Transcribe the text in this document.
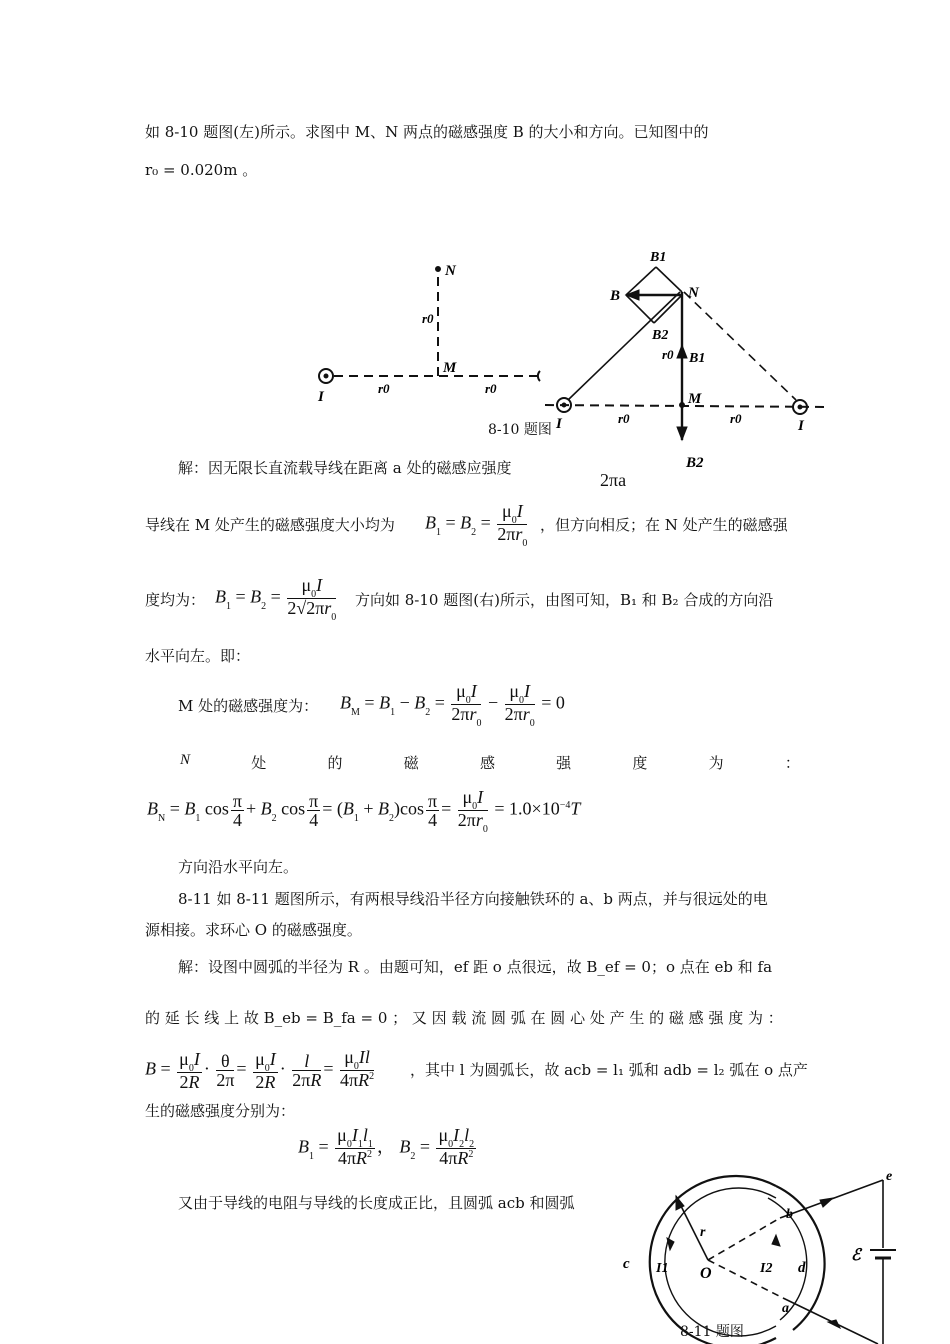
如 8-10 题图(左)所示。求图中 M、N 两点的磁感强度 B 的大小和方向。已知图中的
r₀ = 0.020m 。
N
r0
M
I
r0	r0
B1
B	N
B2
r0 B1
M
I	I
r0	r0
B2
8-10 题图
解：因无限长直流载导线在距离 a 处的磁感应强度
2πa
导线在 M 处产生的磁感强度大小均为 $B_1 = B_2 = \frac{\mu_0I}{2\pi r_0}$ ，但方向相反；在 N 处产生的磁感强
度均为： $B_1 = B_2 = \frac{\mu_0I}{2√2\pi r_0}$ 方向如 8-10 题图(右)所示，由图可知，B₁ 和 B₂ 合成的方向沿
水平向左。即：
M 处的磁感强度为： $B_M = B_1 - B_2 = \frac{\mu_0I}{2\pi r_0} - \frac{\mu_0I}{2\pi r_0} = 0$
N	处	的	磁	感	强	度	为	：
$B_N = B_1$ $\cos \frac{\pi}{4} + B_2$ $\cos \frac{\pi}{4} = (B_1 + B_2)\cos \frac{\pi}{4} = \frac{\mu_0I}{2\pi r_0} = 1.0\times 10^{-4}T$
方向沿水平向左。
8-11 如 8-11 题图所示，有两根导线沿半径方向接触铁环的 a、b 两点，并与很远处的电
源相接。求环心 O 的磁感强度。
解：设图中圆弧的半径为 R 。由题可知，ef 距 o 点很远，故 B_ef = 0；o 点在 eb 和 fa
的 延 长 线 上 故 B_eb = B_fa = 0 ； 又 因 载 流 圆 弧 在 圆 心 处 产 生 的 磁 感 强 度 为 ：
$B = \frac{\mu_0I}{2R} \cdot \frac{\theta}{2\pi} = \frac{\mu_0I}{2R} \cdot \frac{l}{2\pi R} = \frac{\mu_0Il}{4\pi R^2}$ ，其中 l 为圆弧长，故 acb = l₁ 弧和 adb = l₂ 弧在 o 点产
生的磁感强度分别为：
$B_1 = \frac{\mu_0I_1l_1}{4\pi R^2}$ ， $B_2 = \frac{\mu_0I_2l_2}{4\pi R^2}$
又由于导线的电阻与导线的长度成正比，且圆弧 acb 和圆弧
e
b
a
c	d
O
r
I1	I2
ℰ
8-11 题图
